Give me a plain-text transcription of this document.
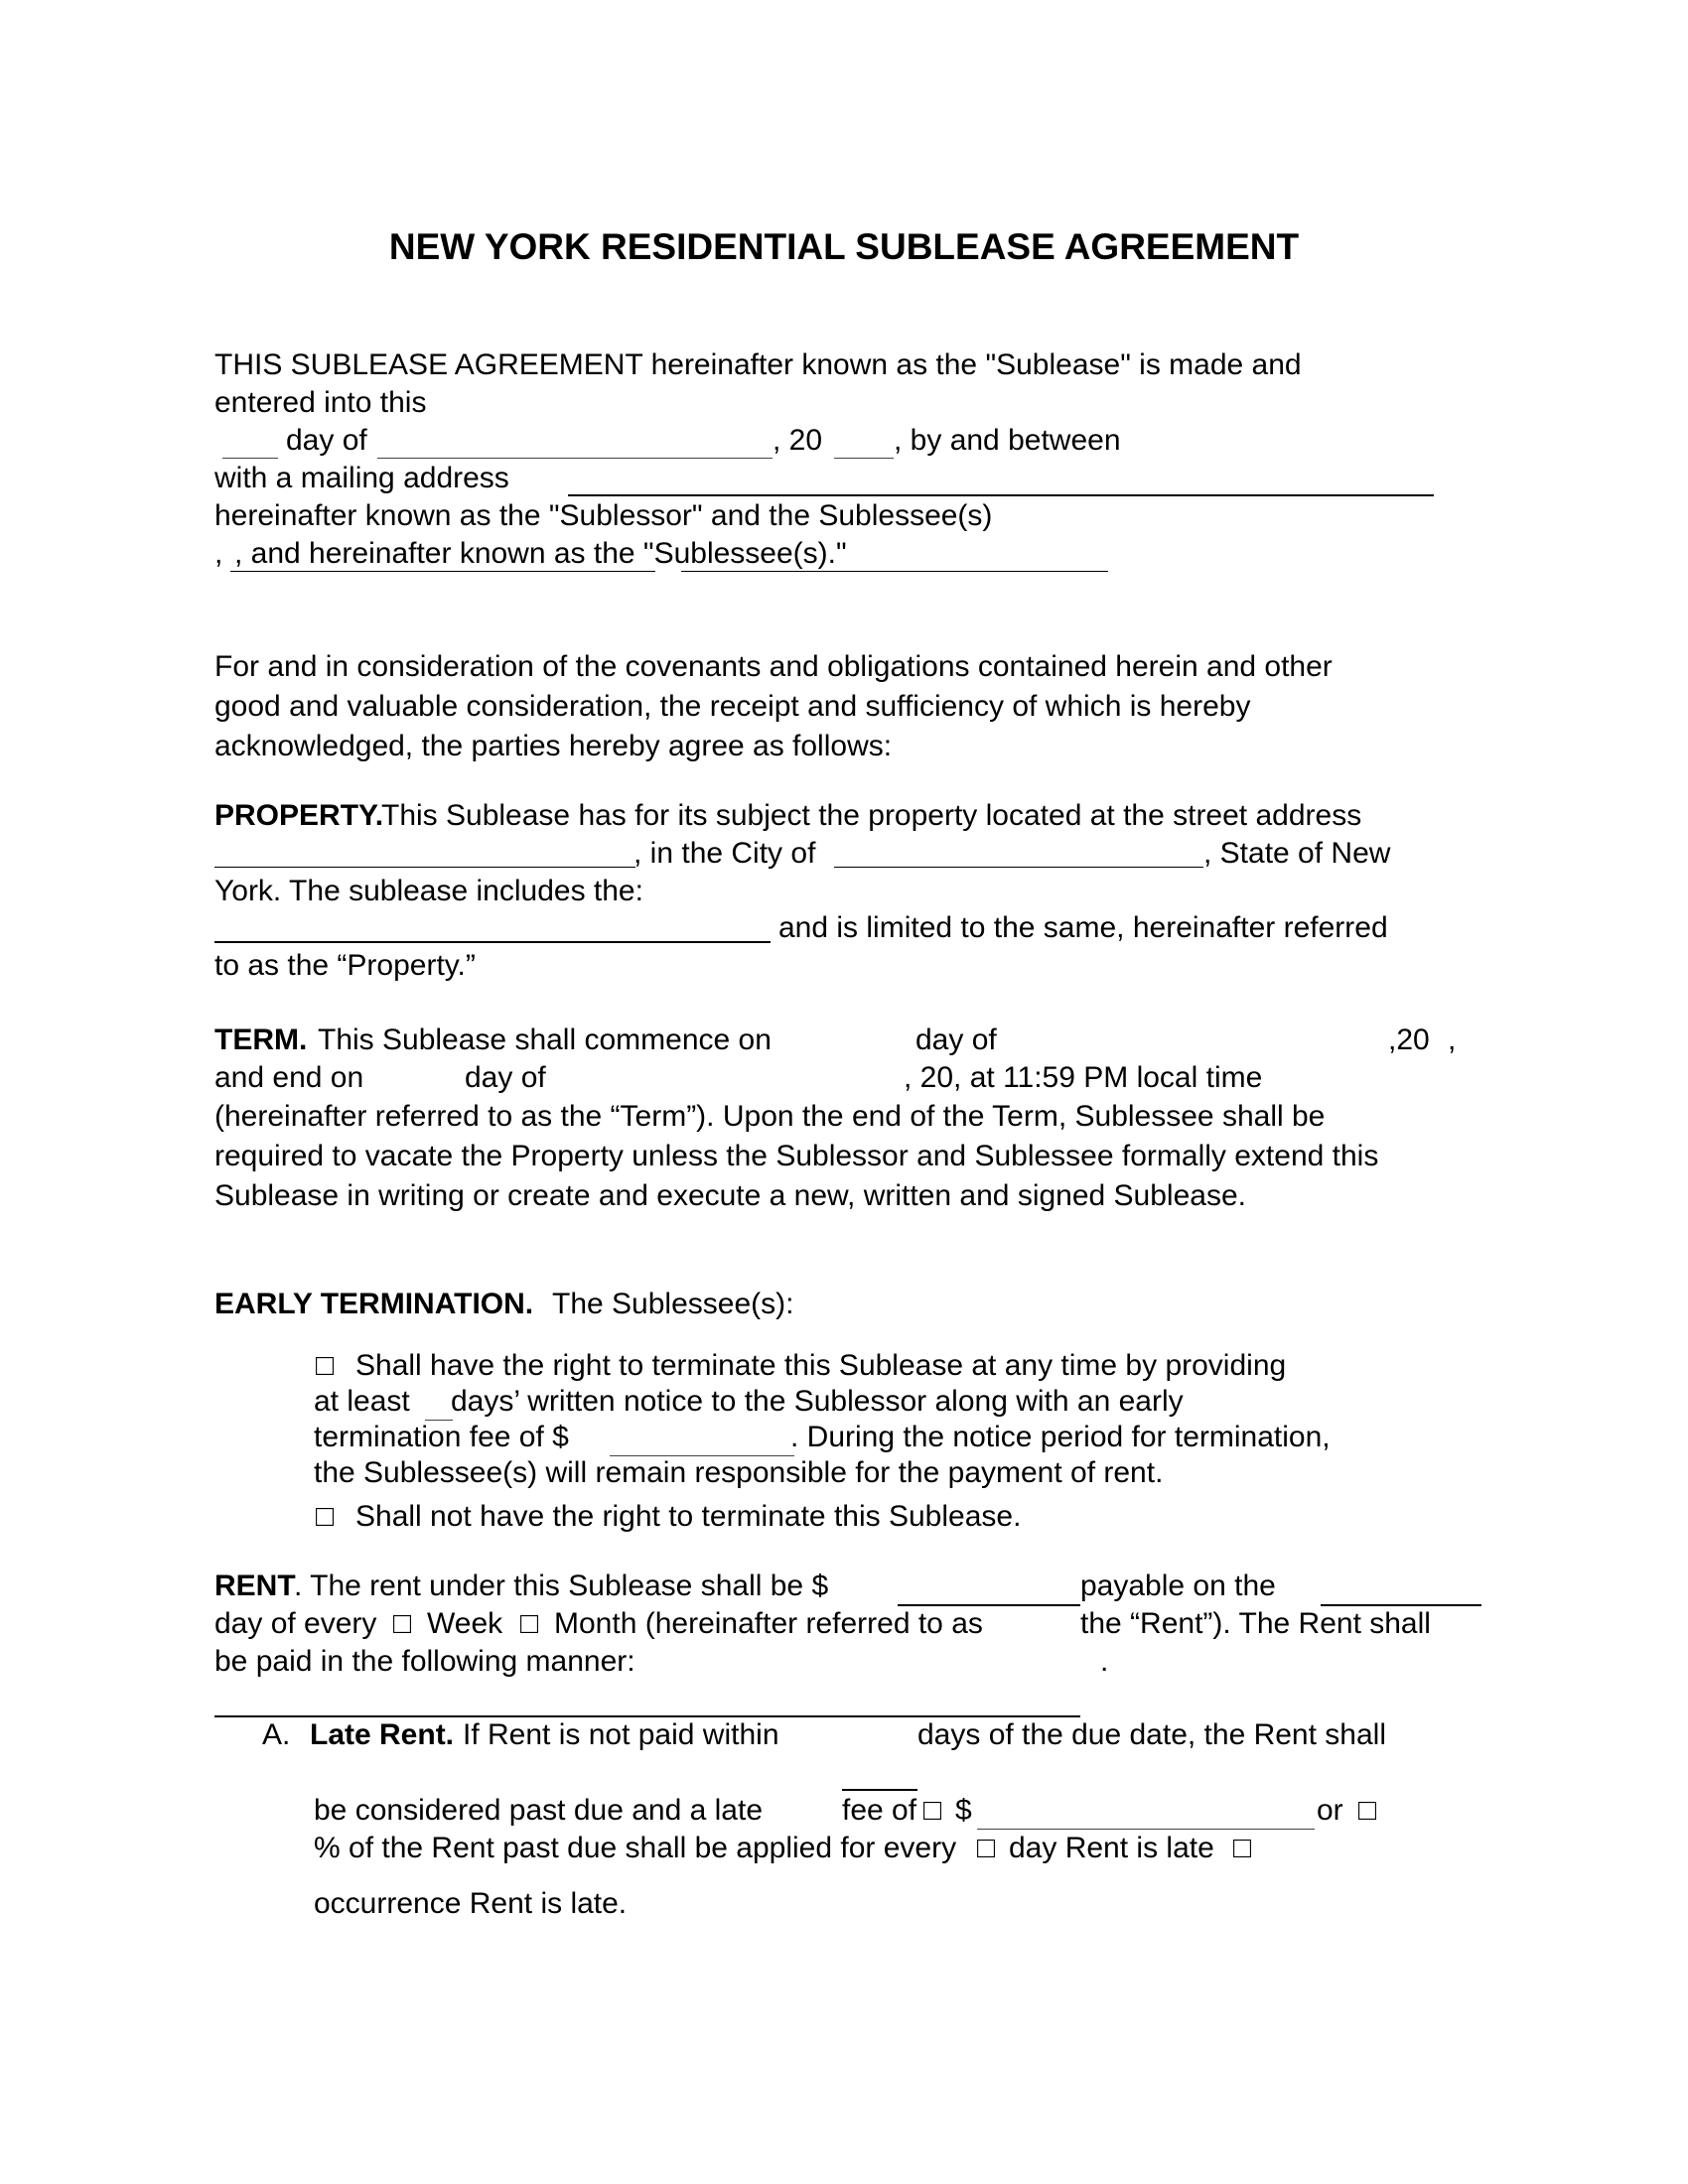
NEW YORK RESIDENTIAL SUBLEASE AGREEMENT
THIS SUBLEASE AGREEMENT hereinafter known as the "Sublease" is made and
entered into this
day of	, 20 , by and between
with a mailing address
hereinafter known as the "Sublessor" and the Sublessee(s)
, , and hereinafter known as the "Sublessee(s)."
For and in consideration of the covenants and obligations contained herein and other
good and valuable consideration, the receipt and sufficiency of which is hereby
acknowledged, the parties hereby agree as follows:
PROPERTY.
This Sublease has for its subject the property located at the street address
, in the City of	, State of New
York. The sublease includes the:
and is limited to the same, hereinafter referred
to as the “Property.”
TERM. This Sublease shall commence on	day of	,20 ,
and end on	day of	, 20, at 11:59 PM local time
(hereinafter referred to as the “Term”). Upon the end of the Term, Sublessee shall be
required to vacate the Property unless the Sublessor and Sublessee formally extend this
Sublease in writing or create and execute a new, written and signed Sublease.
EARLY TERMINATION. The Sublessee(s):
□ Shall have the right to terminate this Sublease at any time by providing
at least days’ written notice to the Sublessor along with an early
termination fee of $	. During the notice period for termination,
the Sublessee(s) will remain responsible for the payment of rent.
□ Shall not have the right to terminate this Sublease.
RENT
. The rent under this Sublease shall be $	payable on the
day of every □ Week □ Month (hereinafter referred to as	the “Rent”). The Rent shall
be paid in the following manner:	.
A. Late Rent. If Rent is not paid within	days of the due date, the Rent shall
be considered past due and a late	fee of □ $	or □
% of the Rent past due shall be applied for every □ day Rent is late □
occurrence Rent is late.
